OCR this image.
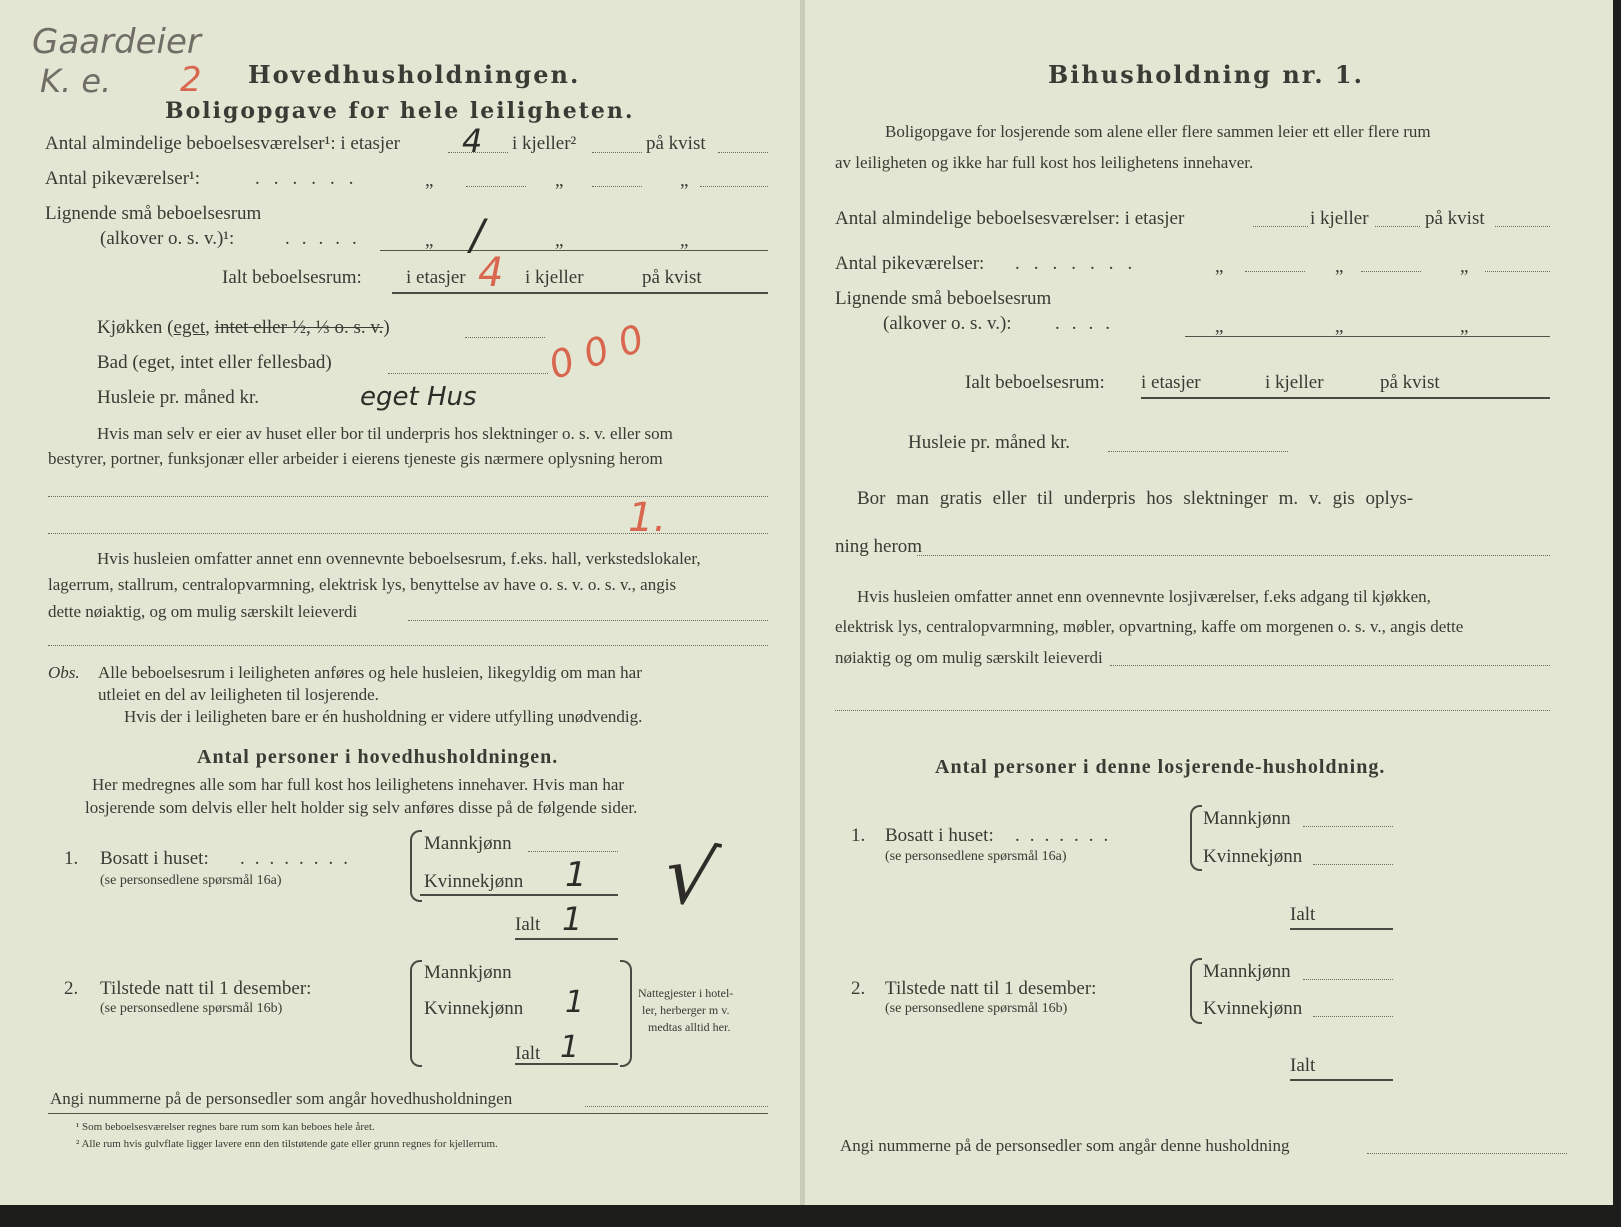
Gaardeier
K. e. 2 Hovedhusholdningen.
Boligopgave for hele leiligheten.
Antal almindelige beboelsesværelser¹: i etasjer 4 i kjeller²	på kvist
Antal pikeværelser¹:	......	„	„	„
Lignende små beboelsesrum
(alkover o. s. v.)¹:	.....	„ /	„	„
Ialt beboelsesrum: i etasjer 4 i kjeller	på kvist
Kjøkken (eget, intet eller ½, ⅓ o. s. v.)
Bad (eget, intet eller fellesbad)	0 0 0
Husleie pr. måned kr.	eget Hus
Hvis man selv er eier av huset eller bor til underpris hos slektninger o. s. v. eller som
bestyrer, portner, funksjonær eller arbeider i eierens tjeneste gis nærmere oplysning herom
1.
Hvis husleien omfatter annet enn ovennevnte beboelsesrum, f.eks. hall, verkstedslokaler,
lagerrum, stallrum, centralopvarmning, elektrisk lys, benyttelse av have o. s. v. o. s. v., angis
dette nøiaktig, og om mulig særskilt leieverdi
Obs. Alle beboelsesrum i leiligheten anføres og hele husleien, likegyldig om man har
utleiet en del av leiligheten til losjerende.
Hvis der i leiligheten bare er én husholdning er videre utfylling unødvendig.
Antal personer i hovedhusholdningen.
Her medregnes alle som har full kost hos leilighetens innehaver. Hvis man har
losjerende som delvis eller helt holder sig selv anføres disse på de følgende sider.
1. Bosatt i huset: ........
(se personsedlene spørsmål 16a)
Mannkjønn
Kvinnekjønn 1
Ialt 1 √
2. Tilstede natt til 1 desember:
(se personsedlene spørsmål 16b)
Mannkjønn
Kvinnekjønn 1
Ialt 1
Nattegjester i hotel-
ler, herberger m v.
medtas alltid her.
Angi nummerne på de personsedler som angår hovedhusholdningen
¹ Som beboelsesværelser regnes bare rum som kan beboes hele året.
² Alle rum hvis gulvflate ligger lavere enn den tilstøtende gate eller grunn regnes for kjellerrum.
Bihusholdning nr. 1.
Boligopgave for losjerende som alene eller flere sammen leier ett eller flere rum
av leiligheten og ikke har full kost hos leilighetens innehaver.
Antal almindelige beboelsesværelser: i etasjer	i kjeller	på kvist
Antal pikeværelser: .......	„	„	„
Lignende små beboelsesrum
(alkover o. s. v.): ....	„	„	„
Ialt beboelsesrum: i etasjer	i kjeller	på kvist
Husleie pr. måned kr.
Bor man gratis eller til underpris hos slektninger m. v. gis oplys-
ning herom
Hvis husleien omfatter annet enn ovennevnte losjiværelser, f.eks adgang til kjøkken,
elektrisk lys, centralopvarmning, møbler, opvartning, kaffe om morgenen o. s. v., angis dette
nøiaktig og om mulig særskilt leieverdi
Antal personer i denne losjerende-husholdning.
1. Bosatt i huset: .......
(se personsedlene spørsmål 16a)
Mannkjønn
Kvinnekjønn
Ialt
2. Tilstede natt til 1 desember:
(se personsedlene spørsmål 16b)
Mannkjønn
Kvinnekjønn
Ialt
Angi nummerne på de personsedler som angår denne husholdning
